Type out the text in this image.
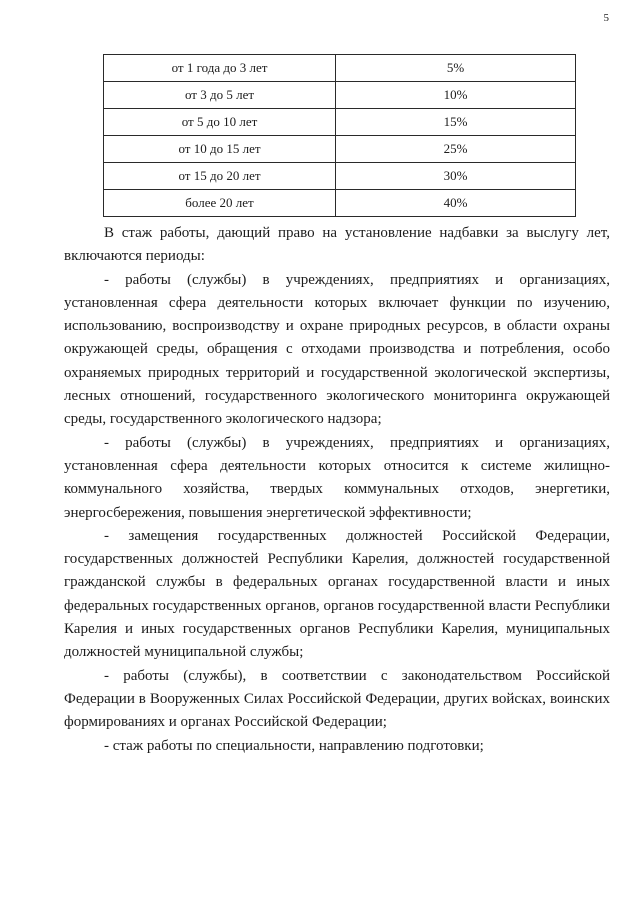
5
от 1 года до 3 лет	5%
от 3 до 5 лет	10%
от 5 до 10 лет	15%
от 10 до 15 лет	25%
от 15 до 20 лет	30%
более 20 лет	40%

В стаж работы, дающий право на установление надбавки за выслугу лет, включаются периоды:

- работы (службы) в учреждениях, предприятиях и организациях, установленная сфера деятельности которых включает функции по изучению, использованию, воспроизводству и охране природных ресурсов, в области охраны окружающей среды, обращения с отходами производства и потребления, особо охраняемых природных территорий и государственной экологической экспертизы, лесных отношений, государственного экологического мониторинга окружающей среды, государственного экологического надзора;

- работы (службы) в учреждениях, предприятиях и организациях, установленная сфера деятельности которых относится к системе жилищно-коммунального хозяйства, твердых коммунальных отходов, энергетики, энергосбережения, повышения энергетической эффективности;

- замещения государственных должностей Российской Федерации, государственных должностей Республики Карелия, должностей государственной гражданской службы в федеральных органах государственной власти и иных федеральных государственных органов, органов государственной власти Республики Карелия и иных государственных органов Республики Карелия, муниципальных должностей муниципальной службы;

- работы (службы), в соответствии с законодательством Российской Федерации в Вооруженных Силах Российской Федерации, других войсках, воинских формированиях и органах Российской Федерации;

- стаж работы по специальности, направлению подготовки;
